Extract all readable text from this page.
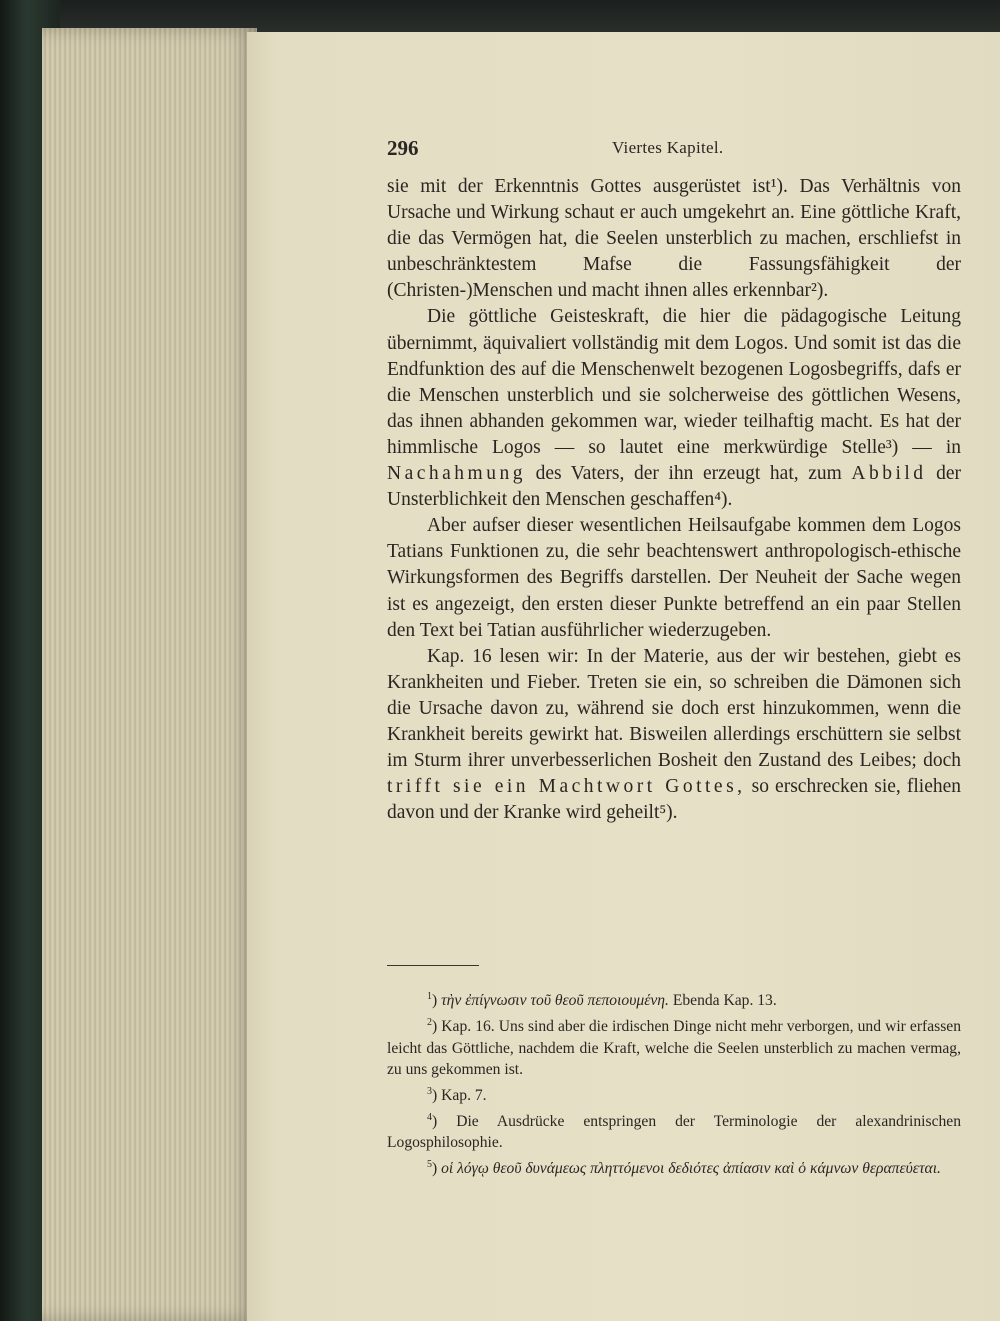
296	Viertes Kapitel.

sie mit der Erkenntnis Gottes ausgerüstet ist¹). Das Verhältnis von Ursache und Wirkung schaut er auch umgekehrt an. Eine göttliche Kraft, die das Vermögen hat, die Seelen unsterblich zu machen, erschliefst in unbeschränktestem Mafse die Fassungsfähigkeit der (Christen-)Menschen und macht ihnen alles erkennbar²).

Die göttliche Geisteskraft, die hier die pädagogische Leitung übernimmt, äquivaliert vollständig mit dem Logos. Und somit ist das die Endfunktion des auf die Menschenwelt bezogenen Logosbegriffs, dafs er die Menschen unsterblich und sie solcherweise des göttlichen Wesens, das ihnen abhanden gekommen war, wieder teilhaftig macht. Es hat der himmlische Logos — so lautet eine merkwürdige Stelle³) — in Nachahmung des Vaters, der ihn erzeugt hat, zum Abbild der Unsterblichkeit den Menschen geschaffen⁴).

Aber aufser dieser wesentlichen Heilsaufgabe kommen dem Logos Tatians Funktionen zu, die sehr beachtenswert anthropologisch-ethische Wirkungsformen des Begriffs darstellen. Der Neuheit der Sache wegen ist es angezeigt, den ersten dieser Punkte betreffend an ein paar Stellen den Text bei Tatian ausführlicher wiederzugeben.

Kap. 16 lesen wir: In der Materie, aus der wir bestehen, giebt es Krankheiten und Fieber. Treten sie ein, so schreiben die Dämonen sich die Ursache davon zu, während sie doch erst hinzukommen, wenn die Krankheit bereits gewirkt hat. Bisweilen allerdings erschüttern sie selbst im Sturm ihrer unverbesserlichen Bosheit den Zustand des Leibes; doch trifft sie ein Machtwort Gottes, so erschrecken sie, fliehen davon und der Kranke wird geheilt⁵).

$^1$) τὴν ἐπίγνωσιν τοῦ θεοῦ πεποιουμένη. Ebenda Kap. 13.

$^2$) Kap. 16. Uns sind aber die irdischen Dinge nicht mehr verborgen, und wir erfassen leicht das Göttliche, nachdem die Kraft, welche die Seelen unsterblich zu machen vermag, zu uns gekommen ist.

$^3$) Kap. 7.

$^4$) Die Ausdrücke entspringen der Terminologie der alexandrinischen Logosphilosophie.

$^5$) οἱ λόγῳ θεοῦ δυνάμεως πληττόμενοι δεδιότες ἀπίασιν καὶ ὁ κάμνων θεραπεύεται.
